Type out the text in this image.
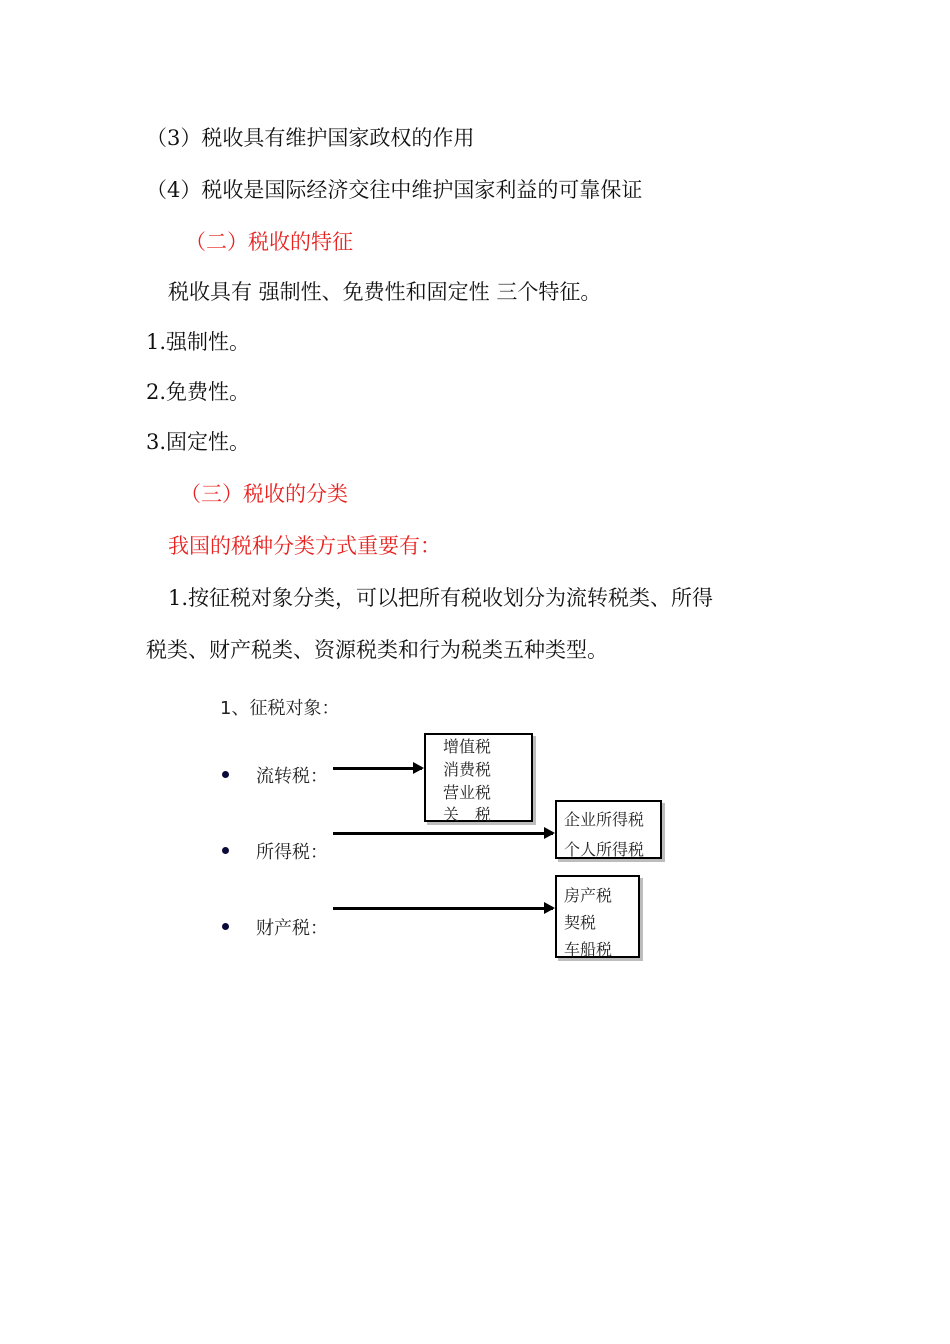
（3）税收具有维护国家政权的作用
（4）税收是国际经济交往中维护国家利益的可靠保证
（二）税收的特征
税收具有 强制性、免费性和固定性 三个特征。
1.强制性。
2.免费性。
3.固定性。
（三）税收的分类
我国的税种分类方式重要有：
1.按征税对象分类，可以把所有税收划分为流转税类、所得
税类、财产税类、资源税类和行为税类五种类型。
1、征税对象：
流转税：
增值税
消费税
营业税
关　税
所得税：
企业所得税
个人所得税
财产税：
房产税
契税
车船税
